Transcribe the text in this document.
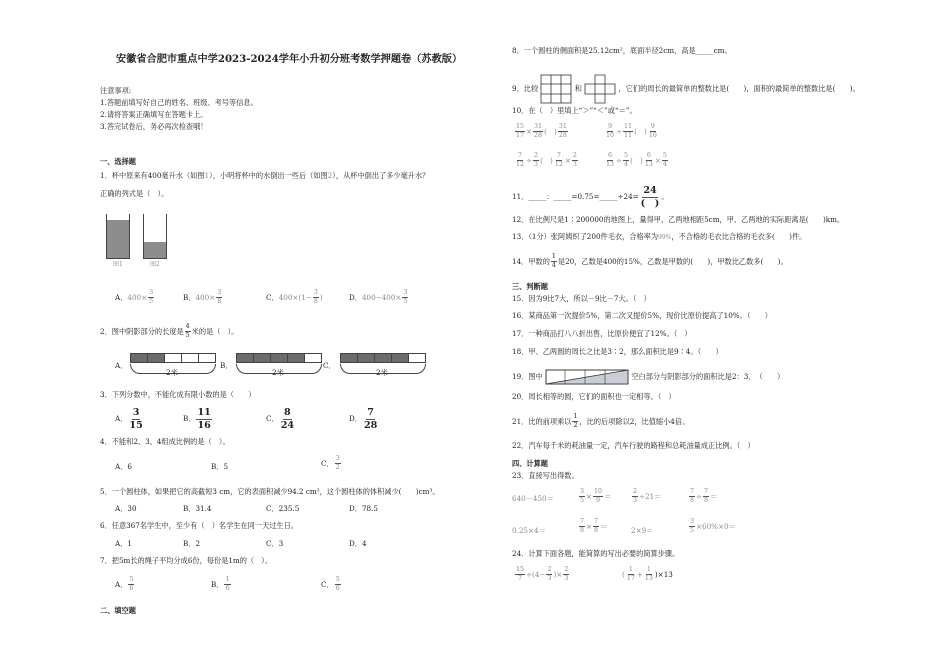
安徽省合肥市重点中学2023-2024学年小升初分班考数学押题卷（苏教版）
注意事项:
1.答题前填写好自己的姓名、班级、考号等信息。
2.请将答案正确填写在答题卡上。
3.答完试卷后，务必再次检查哦！
一、选择题
1．杯中原来有400毫升水（如图1），小明将杯中的水倒出一些后（如图2），从杯中倒出了多少毫升水？
正确的列式是（　）。
图1	图2
A．$400\times \frac{3}{5}$	B．$400\times \frac{3}{8}$	C．$400\times(1- \frac{3}{8}$ )	D．$400-400\times \frac{3}{5}$
2．图中阴影部分的长度是 $\frac{4}{5}$ 米的是（　）。
A．
2米
B．
2米
C．
2米
3．下列分数中，不能化成有限小数的是（　　）
A． $\frac{3}{15}$	B． $\frac{11}{16}$	C． $\frac{8}{24}$	D． $\frac{7}{28}$
4．不能和2、3、4组成比例的是（　）。
A．6	B．5	C． $\frac{3}{2}$
5．一个圆柱体，如果把它的高截短3 cm，它的表面积减少94.2 cm²，这个圆柱体的体积减少(　　)cm³。
A．30	B．31.4	C．235.5	D．78.5
6．任意367名学生中，至少有（　）名学生在同一天过生日。
A．1	B．2	C．3	D．4
7．把5m长的绳子平均分成6份，每份是1m的（　）。
A． $\frac{5}{6}$	B． $\frac{1}{6}$	C． $\frac{5}{6}$
二、填空题
8．一个圆柱的侧面积是25.12cm²，底面半径2cm，高是_____cm。
9．比较	和	，它们的周长的最简单的整数比是(　　)，面积的最简单的整数比是(　　)。
10．在（　）里填上“＞”“＜”或“＝”。
$\frac{15}{17} \times \frac{31}{28}$ (　) $\frac{31}{28}$	$\frac{9}{10} \div \frac{11}{11}$ (　) $\frac{9}{10}$
$\frac{7}{12} \div \frac{2}{3}$ (　) $\frac{7}{12} \times \frac{2}{3}$	$\frac{6}{13} \div \frac{5}{4}$ (　) $\frac{6}{13} \times \frac{5}{4}$
11．_____：_____=0.75=_____÷24= $\frac{24}{( )}$ 。
12．在比例尺是1∶200000的地图上，量得甲、乙两地相距5cm，甲、乙两地的实际距离是(　　)km。
13．（1分）张阿姨织了200件毛衣，合格率为99%，不合格的毛衣比合格的毛衣多(　　)件。
14．甲数的 $\frac{1}{4}$ 是20，乙数是400的15%，乙数是甲数的(　　)，甲数比乙数多(　　)。
三、判断题
15．因为9比7大，所以－9比－7大。（　）
16．某商品第一次提价5%，第二次又提价5%，现价比原价提高了10%。（　　）
17．一种商品打八八折出售，比原价便宜了12%。（　）
18．甲、乙两圆的周长之比是3∶2，那么面积比是9∶4。（　　）
19．图中	空白部分与阴影部分的面积比是2：3．　（　　）
20．周长相等的圆，它们的面积也一定相等。（　）
21．比的前项乘以 $\frac{1}{2}$ ，比的后项除以2，比值缩小4倍。
22．汽车每千米的耗油量一定，汽车行驶的路程和总耗油量成正比例。（　）
四、计算题
23．直接写出得数。
640－450＝	$\frac{3}{5} \times \frac{10}{9}$ ＝	$\frac{2}{3} \div 21=$	$\frac{7}{8} \div \frac{7}{8}$ ＝
0.25×4＝	$\frac{7}{8} \times \frac{7}{8}$ ＝	2×9＝	$\frac{3}{5} \times 60\%\times 0=$
24．计算下面各题，能简算的写出必要的简算步骤。
$\frac{15}{7} \div(4- \frac{2}{3}$ )× $\frac{2}{3}$	( $\frac{1}{17} + \frac{1}{13} )\times 13$
